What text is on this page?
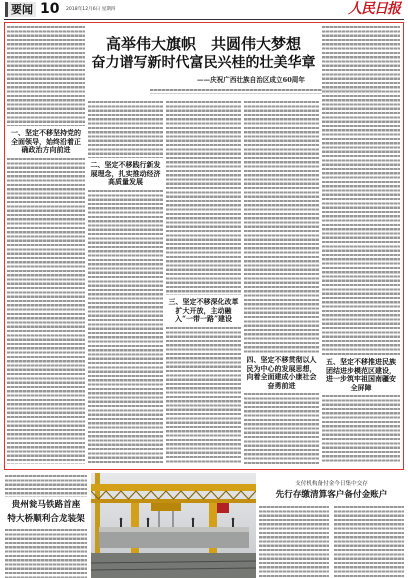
要闻 10 2018年12月6日 星期四	人民日报
高举伟大旗帜　共圆伟大梦想
奋力谱写新时代富民兴桂的壮美华章
——庆祝广西壮族自治区成立60周年
一、坚定不移坚持党的全面领导，始终沿着正确政治方向前进
二、坚定不移践行新发展理念，扎实推动经济高质量发展
三、坚定不移深化改革扩大开放，主动融入“一带一路”建设
四、坚定不移贯彻以人民为中心的发展思想，向着全面建成小康社会奋勇前进
五、坚定不移推进民族团结进步模范区建设，进一步筑牢祖国南疆安全屏障
贵州瓮马铁路首座
特大桥顺利合龙装架
支付机构备付金今日集中交存
先行存缴清算客户备付金账户
